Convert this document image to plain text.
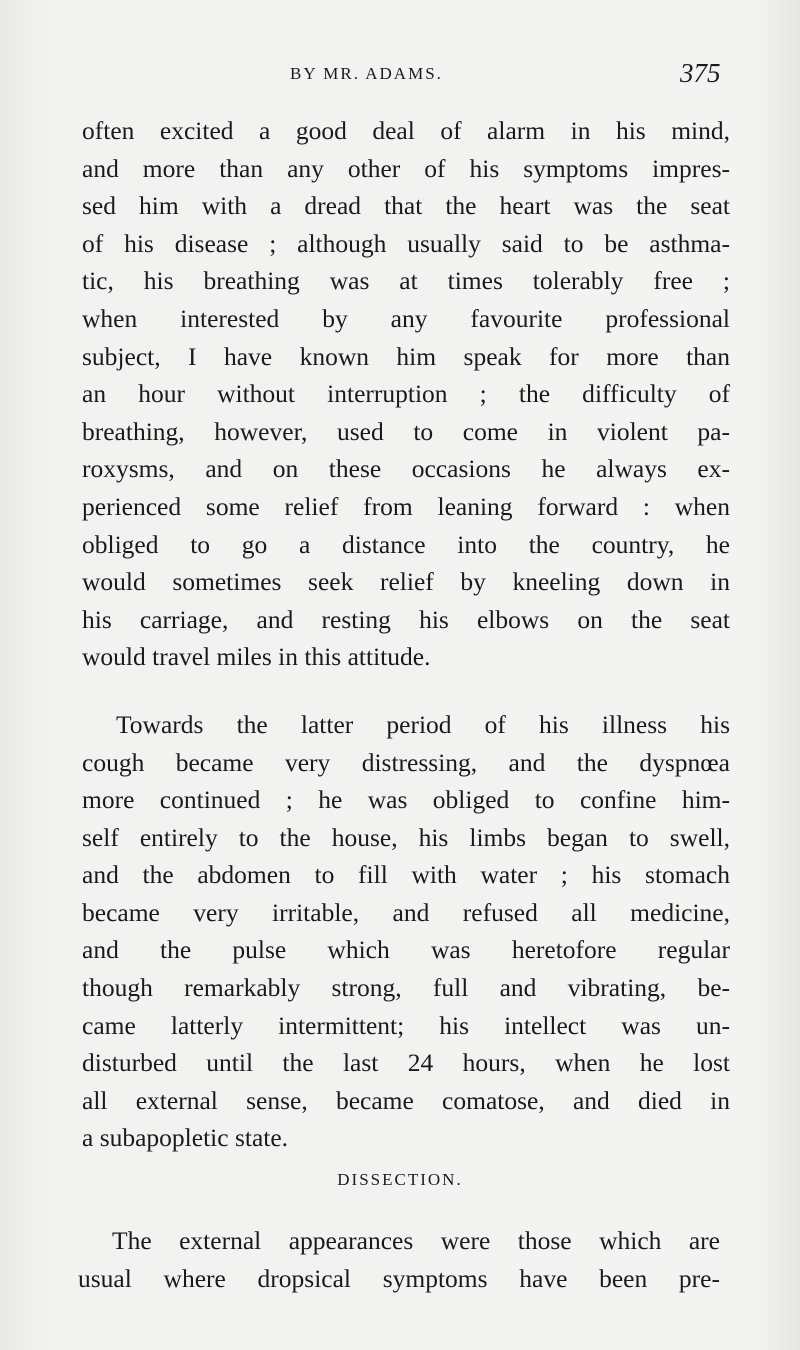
BY MR. ADAMS.	375
often excited a good deal of alarm in his mind,
and more than any other of his symptoms impres-
sed him with a dread that the heart was the seat
of his disease ; although usually said to be asthma-
tic, his breathing was at times tolerably free ;
when interested by any favourite professional
subject, I have known him speak for more than
an hour without interruption ; the difficulty of
breathing, however, used to come in violent pa-
roxysms, and on these occasions he always ex-
perienced some relief from leaning forward : when
obliged to go a distance into the country, he
would sometimes seek relief by kneeling down in
his carriage, and resting his elbows on the seat
would travel miles in this attitude.
Towards the latter period of his illness his
cough became very distressing, and the dyspnœa
more continued ; he was obliged to confine him-
self entirely to the house, his limbs began to swell,
and the abdomen to fill with water ; his stomach
became very irritable, and refused all medicine,
and the pulse which was heretofore regular
though remarkably strong, full and vibrating, be-
came latterly intermittent; his intellect was un-
disturbed until the last 24 hours, when he lost
all external sense, became comatose, and died in
a subapopletic state.
DISSECTION.
The external appearances were those which are
usual where dropsical symptoms have been pre-
